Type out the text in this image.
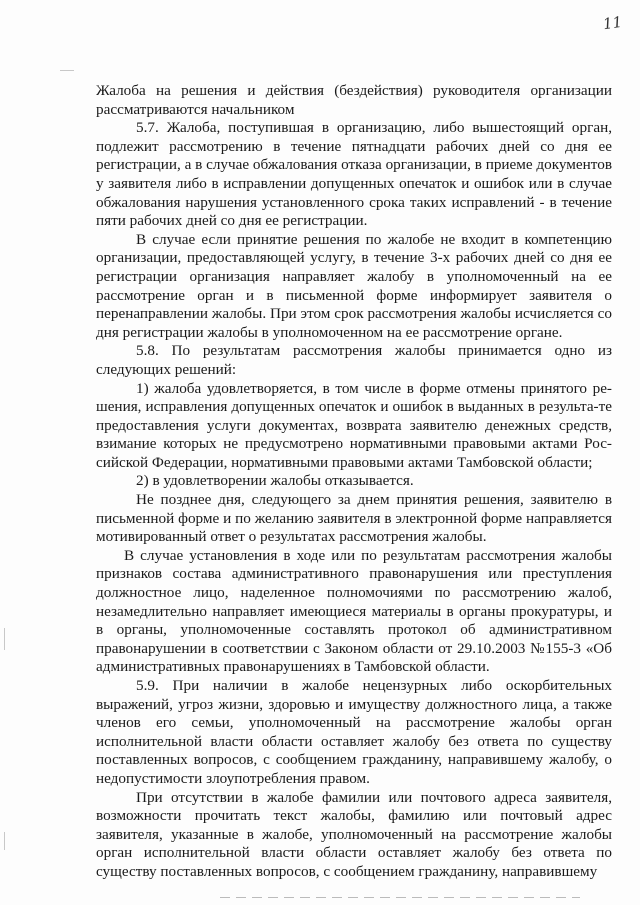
11

Жалоба на решения и действия (бездействия) руководителя организации рассматриваются начальником

5.7. Жалоба, поступившая в организацию, либо вышестоящий орган, подлежит рассмотрению в течение пятнадцати рабочих дней со дня ее регистрации, а в случае обжалования отказа организации, в приеме документов у заявителя либо в исправлении допущенных опечаток и ошибок или в случае обжалования нарушения установленного срока таких исправлений - в течение пяти рабочих дней со дня ее регистрации.

В случае если принятие решения по жалобе не входит в компетенцию организации, предоставляющей услугу, в течение 3-х рабочих дней со дня ее регистрации организация направляет жалобу в уполномоченный на ее рассмотрение орган и в письменной форме информирует заявителя о перенаправлении жалобы. При этом срок рассмотрения жалобы исчисляется со дня регистрации жалобы в уполномоченном на ее рассмотрение органе.

5.8. По результатам рассмотрения жалобы принимается одно из следующих решений:

1) жалоба удовлетворяется, в том числе в форме отмены принятого ре-шения, исправления допущенных опечаток и ошибок в выданных в результа-те предоставления услуги документах, возврата заявителю денежных средств, взимание которых не предусмотрено нормативными правовыми актами Рос-сийской Федерации, нормативными правовыми актами Тамбовской области;

2) в удовлетворении жалобы отказывается.

Не позднее дня, следующего за днем принятия решения, заявителю в письменной форме и по желанию заявителя в электронной форме направляется мотивированный ответ о результатах рассмотрения жалобы.

В случае установления в ходе или по результатам рассмотрения жалобы признаков состава административного правонарушения или преступления должностное лицо, наделенное полномочиями по рассмотрению жалоб, незамедлительно направляет имеющиеся материалы в органы прокуратуры, и в органы, уполномоченные составлять протокол об административном правонарушении в соответствии с Законом области от 29.10.2003 №155-3 «Об административных правонарушениях в Тамбовской области.

5.9. При наличии в жалобе нецензурных либо оскорбительных выражений, угроз жизни, здоровью и имуществу должностного лица, а также членов его семьи, уполномоченный на рассмотрение жалобы орган исполнительной власти области оставляет жалобу без ответа по существу поставленных вопросов, с сообщением гражданину, направившему жалобу, о недопустимости злоупотребления правом.

При отсутствии в жалобе фамилии или почтового адреса заявителя, возможности прочитать текст жалобы, фамилию или почтовый адрес заявителя, указанные в жалобе, уполномоченный на рассмотрение жалобы орган исполнительной власти области оставляет жалобу без ответа по существу поставленных вопросов, с сообщением гражданину, направившему
